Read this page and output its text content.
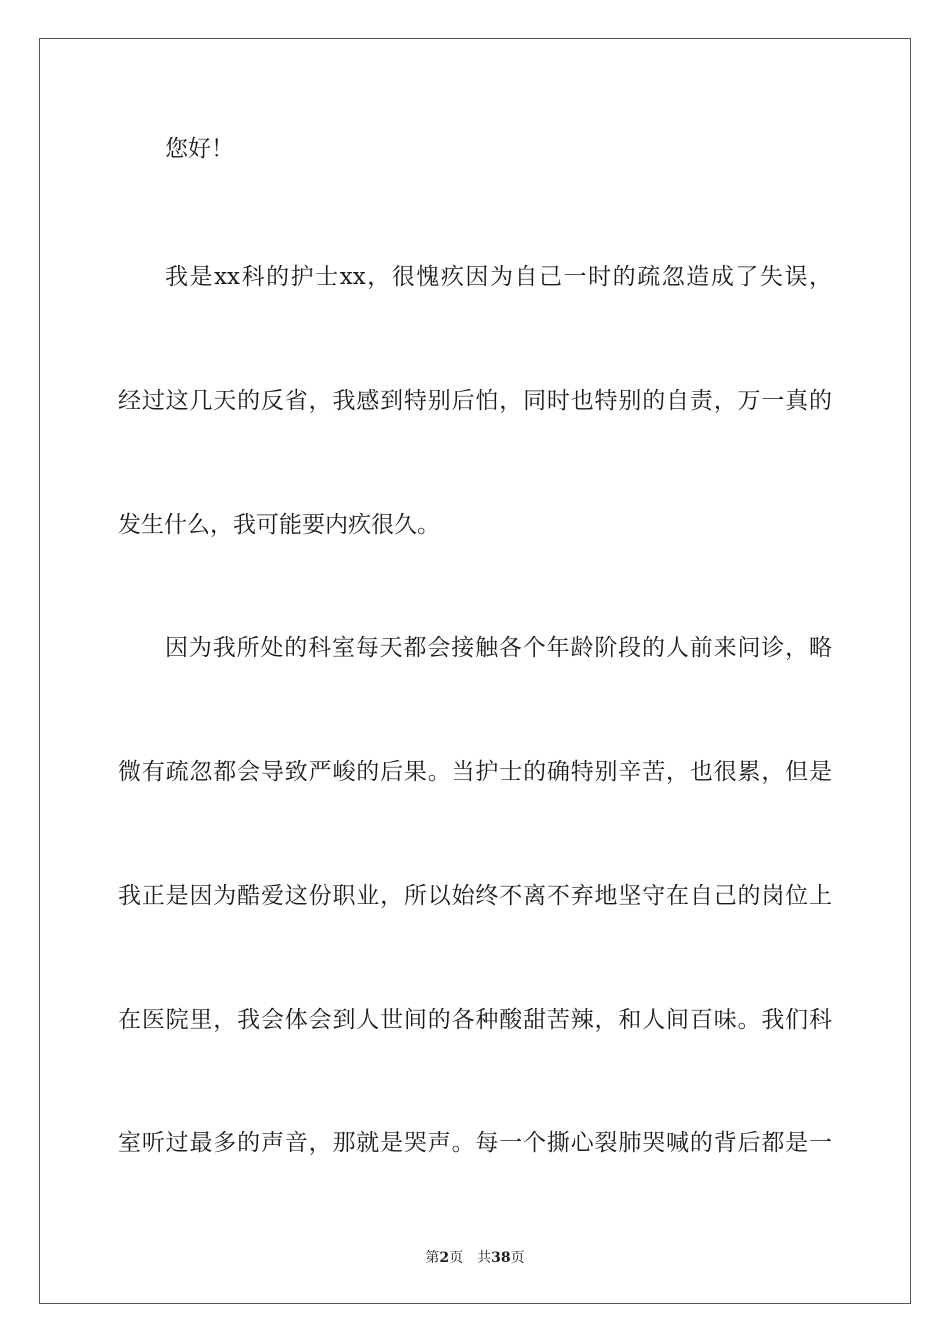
您好！
我是xx科的护士xx，很愧疚因为自己一时的疏忽造成了失误，
经过这几天的反省，我感到特别后怕，同时也特别的自责，万一真的
发生什么，我可能要内疚很久。
因为我所处的科室每天都会接触各个年龄阶段的人前来问诊，略
微有疏忽都会导致严峻的后果。当护士的确特别辛苦，也很累，但是
我正是因为酷爱这份职业，所以始终不离不弃地坚守在自己的岗位上
在医院里，我会体会到人世间的各种酸甜苦辣，和人间百味。我们科
室听过最多的声音，那就是哭声。每一个撕心裂肺哭喊的背后都是一
第2页 共38页
